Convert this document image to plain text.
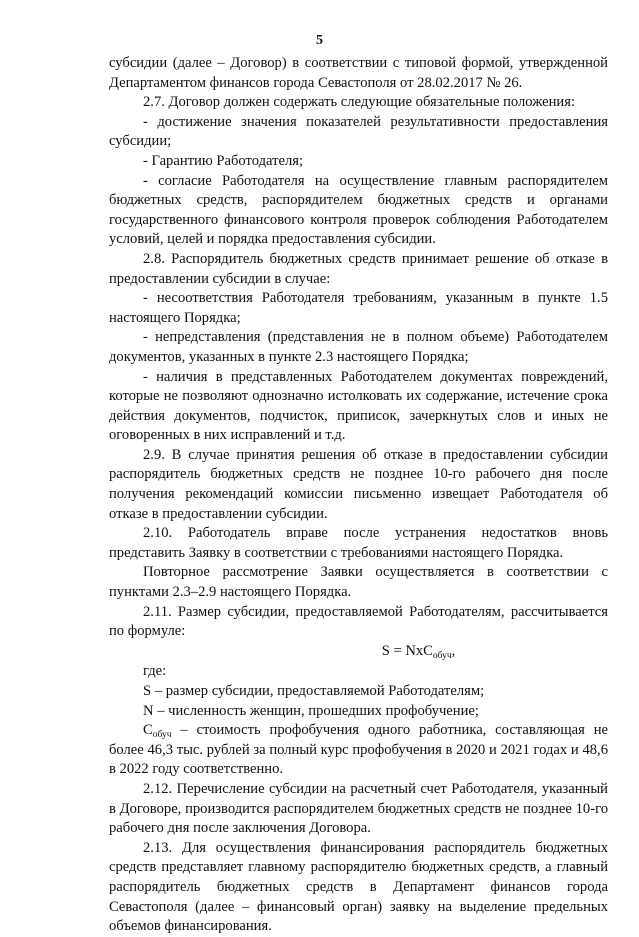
5

субсидии (далее – Договор) в соответствии с типовой формой, утвержденной Департаментом финансов города Севастополя от 28.02.2017 № 26.

2.7. Договор должен содержать следующие обязательные положения:

- достижение значения показателей результативности предоставления субсидии;

- Гарантию Работодателя;

- согласие Работодателя на осуществление главным распорядителем бюджетных средств, распорядителем бюджетных средств и органами государственного финансового контроля проверок соблюдения Работодателем условий, целей и порядка предоставления субсидии.

2.8. Распорядитель бюджетных средств принимает решение об отказе в предоставлении субсидии в случае:

- несоответствия Работодателя требованиям, указанным в пункте 1.5 настоящего Порядка;

- непредставления (представления не в полном объеме) Работодателем документов, указанных в пункте 2.3 настоящего Порядка;

- наличия в представленных Работодателем документах повреждений, которые не позволяют однозначно истолковать их содержание, истечение срока действия документов, подчисток, приписок, зачеркнутых слов и иных не оговоренных в них исправлений и т.д.

2.9. В случае принятия решения об отказе в предоставлении субсидии распорядитель бюджетных средств не позднее 10-го рабочего дня после получения рекомендаций комиссии письменно извещает Работодателя об отказе в предоставлении субсидии.

2.10. Работодатель вправе после устранения недостатков вновь представить Заявку в соответствии с требованиями настоящего Порядка.

Повторное рассмотрение Заявки осуществляется в соответствии с пунктами 2.3–2.9 настоящего Порядка.

2.11. Размер субсидии, предоставляемой Работодателям, рассчитывается по формуле:

S = NxC$_{обуч}$,

где:

S – размер субсидии, предоставляемой Работодателям;

N – численность женщин, прошедших профобучение;

$C_{обуч}$ – стоимость профобучения одного работника, составляющая не более 46,3 тыс. рублей за полный курс профобучения в 2020 и 2021 годах и 48,6 в 2022 году соответственно.

2.12. Перечисление субсидии на расчетный счет Работодателя, указанный в Договоре, производится распорядителем бюджетных средств не позднее 10-го рабочего дня после заключения Договора.

2.13. Для осуществления финансирования распорядитель бюджетных средств представляет главному распорядителю бюджетных средств, а главный распорядитель бюджетных средств в Департамент финансов города Севастополя (далее – финансовый орган) заявку на выделение предельных объемов финансирования.
